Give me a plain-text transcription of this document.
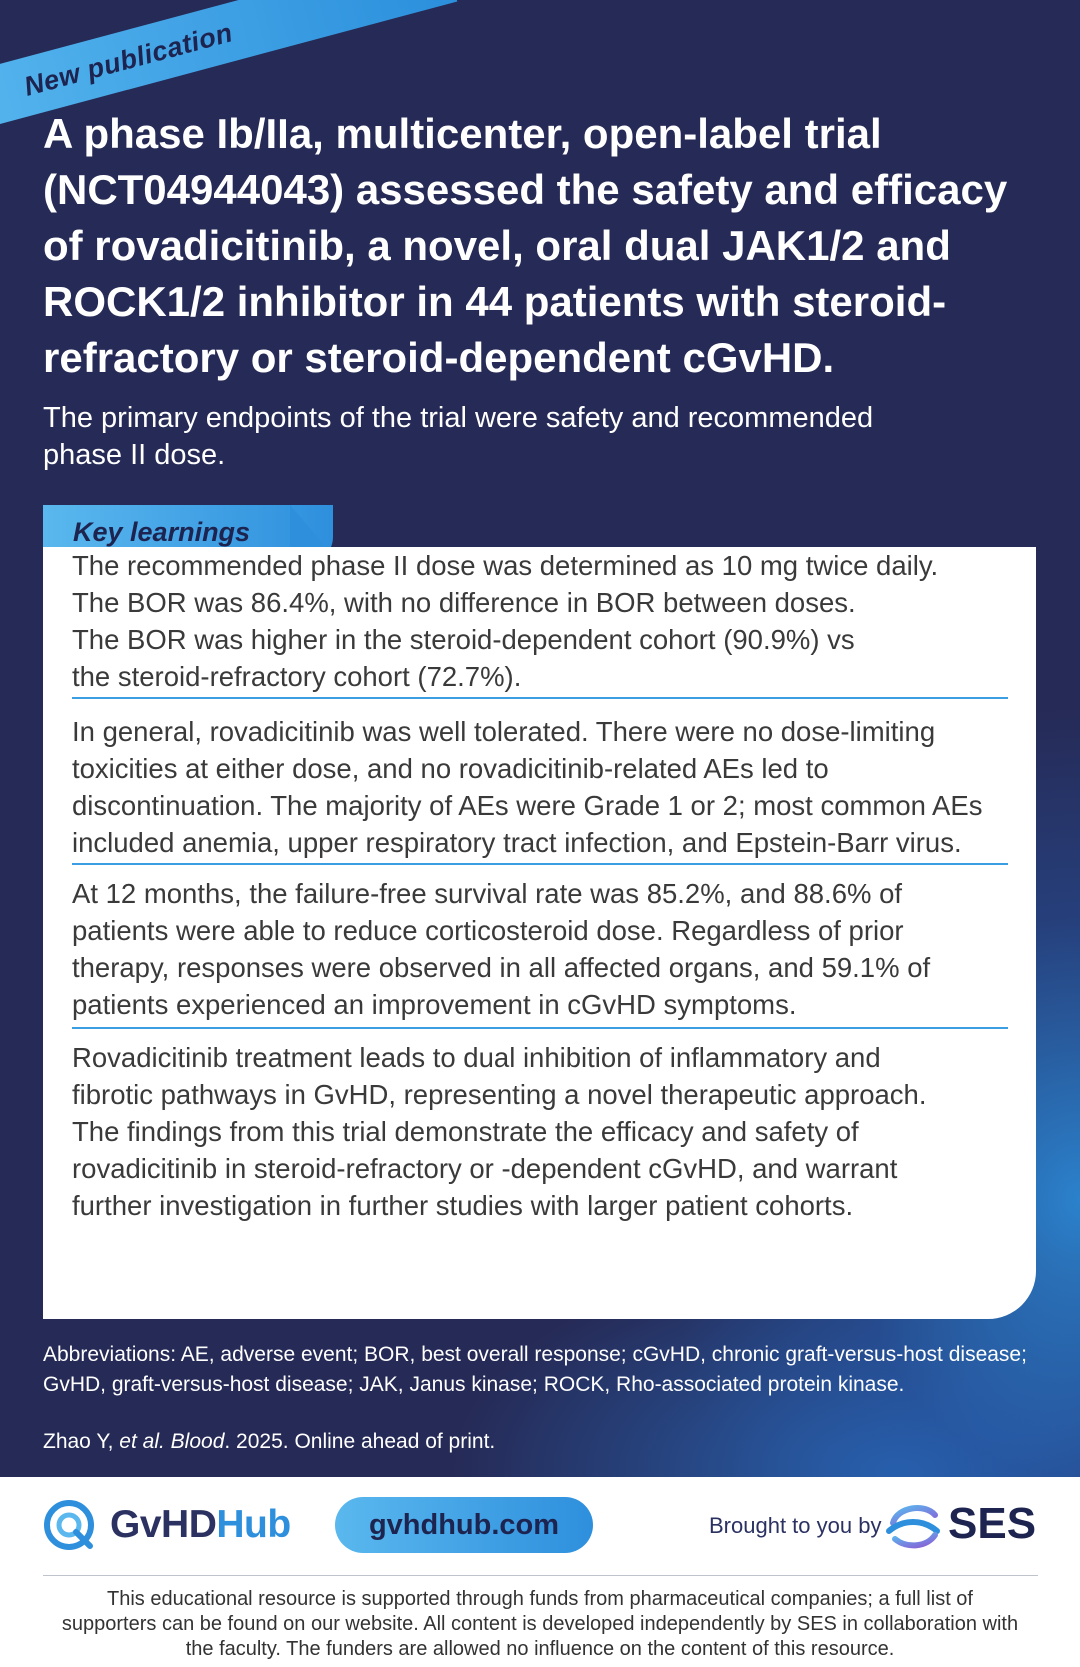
New publication
A phase Ib/IIa, multicenter, open-label trial (NCT04944043) assessed the safety and efficacy of rovadicitinib, a novel, oral dual JAK1/2 and ROCK1/2 inhibitor in 44 patients with steroid-refractory or steroid-dependent cGvHD.

The primary endpoints of the trial were safety and recommended phase II dose.

Key learnings
The recommended phase II dose was determined as 10 mg twice daily.
The BOR was 86.4%, with no difference in BOR between doses.
The BOR was higher in the steroid-dependent cohort (90.9%) vs the steroid-refractory cohort (72.7%).

In general, rovadicitinib was well tolerated. There were no dose-limiting toxicities at either dose, and no rovadicitinib-related AEs led to discontinuation. The majority of AEs were Grade 1 or 2; most common AEs included anemia, upper respiratory tract infection, and Epstein-Barr virus.

At 12 months, the failure-free survival rate was 85.2%, and 88.6% of patients were able to reduce corticosteroid dose. Regardless of prior therapy, responses were observed in all affected organs, and 59.1% of patients experienced an improvement in cGvHD symptoms.

Rovadicitinib treatment leads to dual inhibition of inflammatory and fibrotic pathways in GvHD, representing a novel therapeutic approach. The findings from this trial demonstrate the efficacy and safety of rovadicitinib in steroid-refractory or -dependent cGvHD, and warrant further investigation in further studies with larger patient cohorts.

Abbreviations: AE, adverse event; BOR, best overall response; cGvHD, chronic graft-versus-host disease; GvHD, graft-versus-host disease; JAK, Janus kinase; ROCK, Rho-associated protein kinase.

Zhao Y, et al. Blood. 2025. Online ahead of print.

GvHDHub	gvhdhub.com	Brought to you by SES

This educational resource is supported through funds from pharmaceutical companies; a full list of supporters can be found on our website. All content is developed independently by SES in collaboration with the faculty. The funders are allowed no influence on the content of this resource.
